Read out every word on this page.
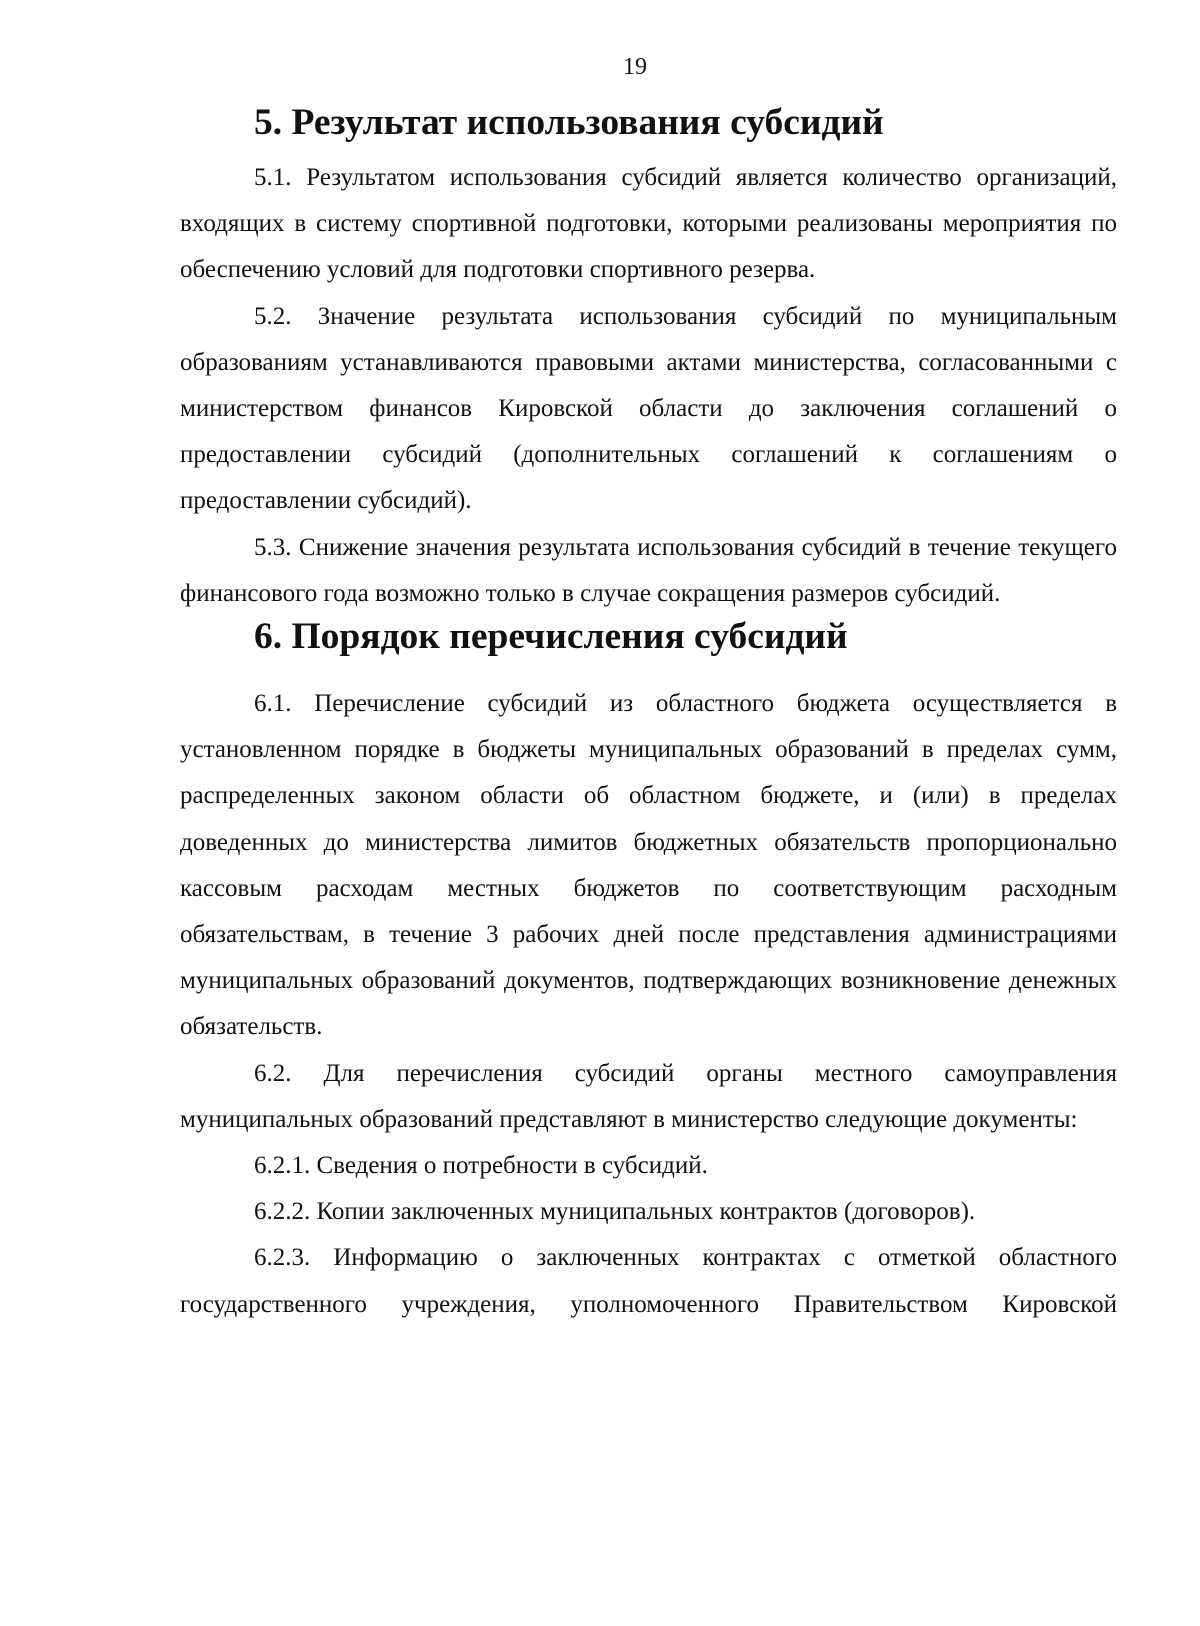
19
5. Результат использования субсидий

5.1. Результатом использования субсидий является количество организаций, входящих в систему спортивной подготовки, которыми реализованы мероприятия по обеспечению условий для подготовки спортивного резерва.

5.2. Значение результата использования субсидий по муниципальным образованиям устанавливаются правовыми актами министерства, согласованными с министерством финансов Кировской области до заключения соглашений о предоставлении субсидий (дополнительных соглашений к соглашениям о предоставлении субсидий).

5.3. Снижение значения результата использования субсидий в течение текущего финансового года возможно только в случае сокращения размеров субсидий.

6. Порядок перечисления субсидий

6.1. Перечисление субсидий из областного бюджета осуществляется в установленном порядке в бюджеты муниципальных образований в пределах сумм, распределенных законом области об областном бюджете, и (или) в пределах доведенных до министерства лимитов бюджетных обязательств пропорционально кассовым расходам местных бюджетов по соответствующим расходным обязательствам, в течение 3 рабочих дней после представления администрациями муниципальных образований документов, подтверждающих возникновение денежных обязательств.

6.2. Для перечисления субсидий органы местного самоуправления муниципальных образований представляют в министерство следующие документы:

6.2.1. Сведения о потребности в субсидий.

6.2.2. Копии заключенных муниципальных контрактов (договоров).

6.2.3. Информацию о заключенных контрактах с отметкой областного
государственного учреждения, уполномоченного Правительством Кировской
